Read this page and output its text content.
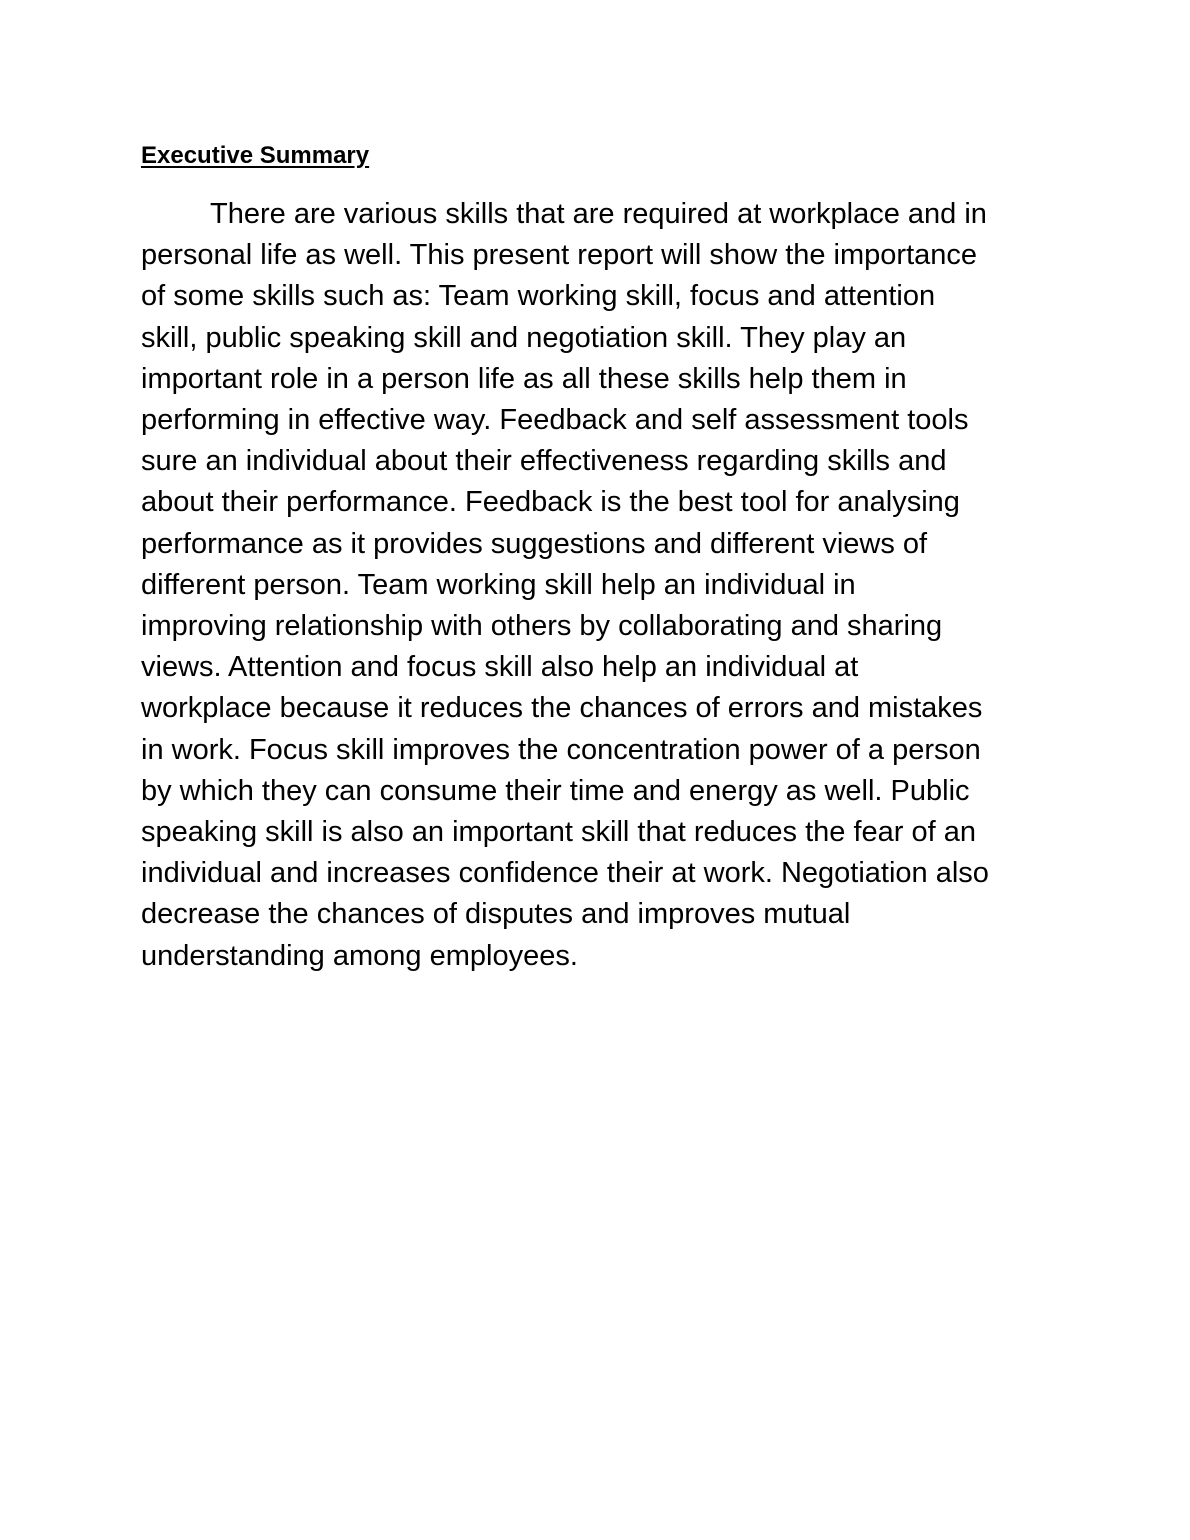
Executive Summary

There are various skills that are required at workplace and in
personal life as well. This present report will show the importance
of some skills such as: Team working skill, focus and attention
skill, public speaking skill and negotiation skill. They play an
important role in a person life as all these skills help them in
performing in effective way. Feedback and self assessment tools
sure an individual about their effectiveness regarding skills and
about their performance. Feedback is the best tool for analysing
performance as it provides suggestions and different views of
different person. Team working skill help an individual in
improving relationship with others by collaborating and sharing
views. Attention and focus skill also help an individual at
workplace because it reduces the chances of errors and mistakes
in work. Focus skill improves the concentration power of a person
by which they can consume their time and energy as well. Public
speaking skill is also an important skill that reduces the fear of an
individual and increases confidence their at work. Negotiation also
decrease the chances of disputes and improves mutual
understanding among employees.
